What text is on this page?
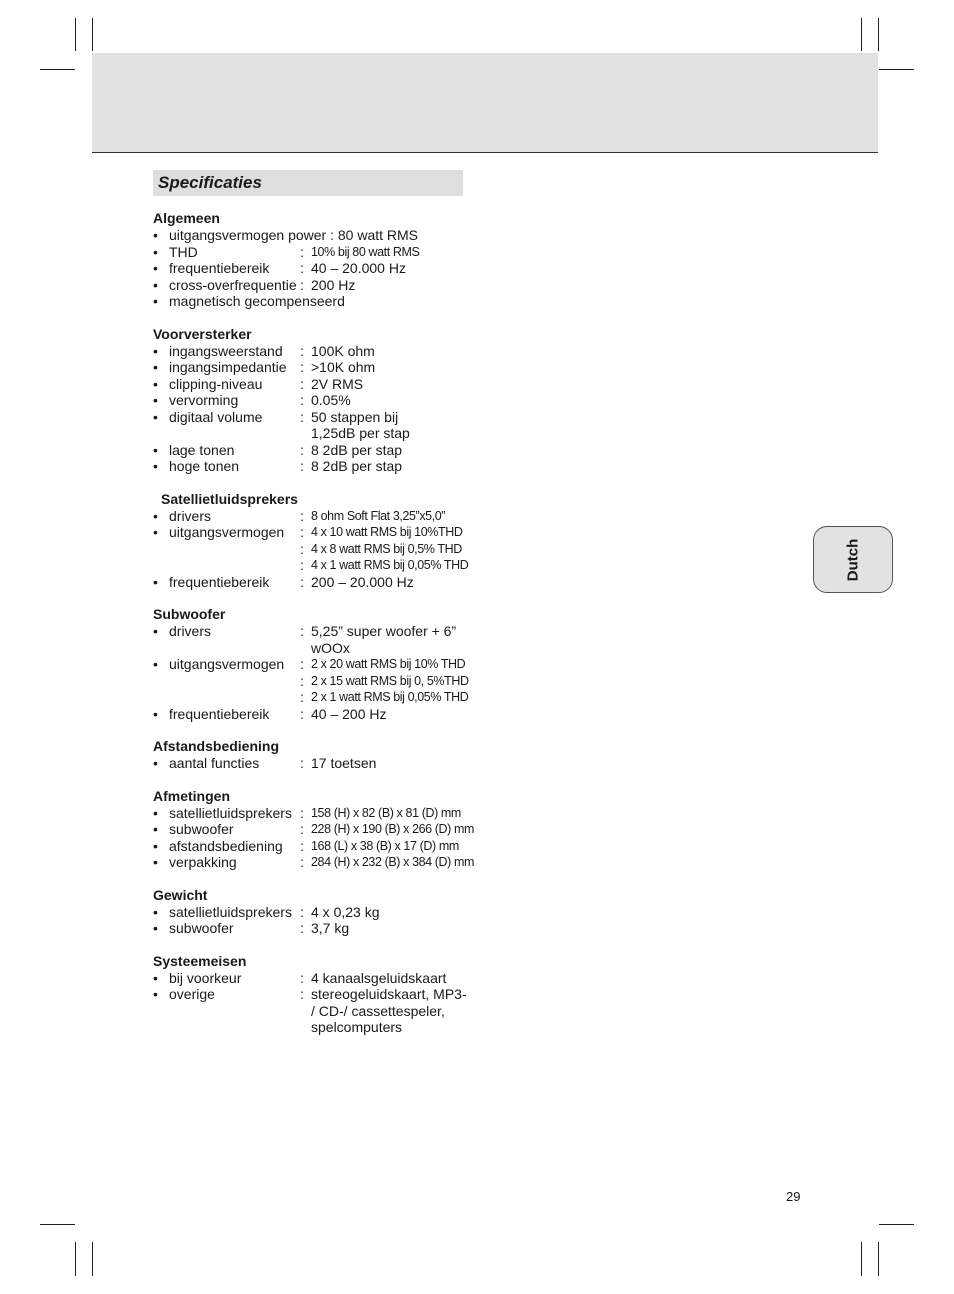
Specificaties
Algemeen
• uitgangsvermogen power : 80 watt RMS
• THD	: 10% bij 80 watt RMS
• frequentiebereik : 40 – 20.000 Hz
• cross-overfrequentie : 200 Hz
• magnetisch gecompenseerd
Voorversterker
• ingangsweerstand : 100K ohm
• ingangsimpedantie : >10K ohm
• clipping-niveau	: 2V RMS
• vervorming	: 0.05%
• digitaal volume	: 50 stappen bij
1,25dB per stap
• lage tonen	: 8 2dB per stap
• hoge tonen	: 8 2dB per stap
Satellietluidsprekers
• drivers	: 8 ohm Soft Flat 3,25”x5,0”
• uitgangsvermogen : 4 x 10 watt RMS bij 10%THD
: 4 x 8 watt RMS bij 0,5% THD
: 4 x 1 watt RMS bij 0,05% THD
• frequentiebereik : 200 – 20.000 Hz
Subwoofer
• drivers	: 5,25” super woofer + 6”
wOOx
• uitgangsvermogen : 2 x 20 watt RMS bij 10% THD
: 2 x 15 watt RMS bij 0, 5%THD
: 2 x 1 watt RMS bij 0,05% THD
• frequentiebereik : 40 – 200 Hz
Afstandsbediening
• aantal functies	: 17 toetsen
Afmetingen
• satellietluidsprekers : 158 (H) x 82 (B) x 81 (D) mm
• subwoofer	: 228 (H) x 190 (B) x 266 (D) mm
• afstandsbediening : 168 (L) x 38 (B) x 17 (D) mm
• verpakking	: 284 (H) x 232 (B) x 384 (D) mm
Gewicht
• satellietluidsprekers : 4 x 0,23 kg
• subwoofer	: 3,7 kg
Systeemeisen
• bij voorkeur	: 4 kanaalsgeluidskaart
• overige	: stereogeluidskaart, MP3-
/ CD-/ cassettespeler,
spelcomputers
Dutch
29
